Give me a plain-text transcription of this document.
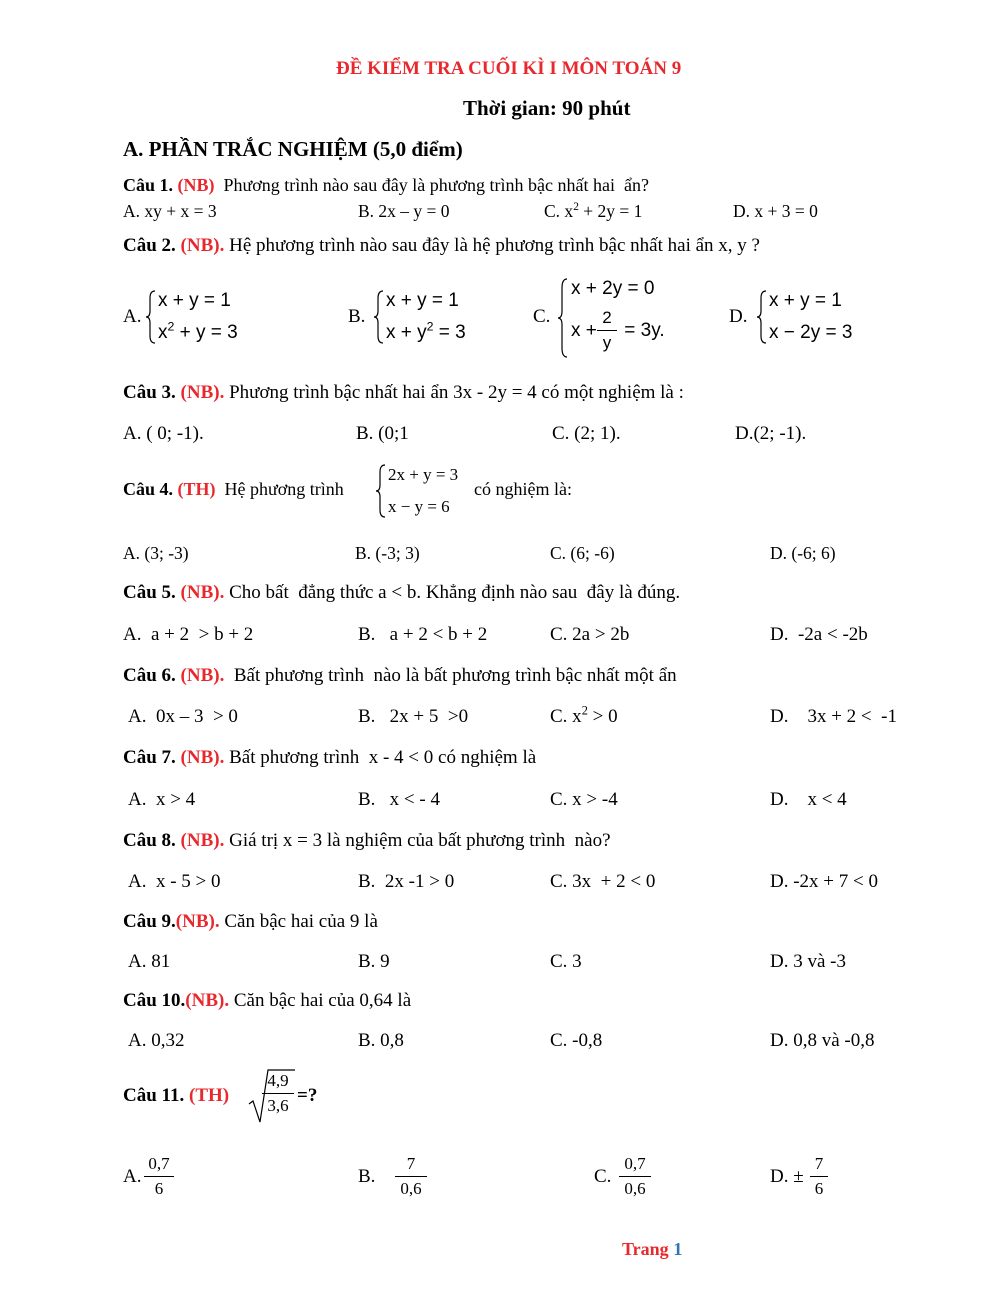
ĐỀ KIỂM TRA CUỐI KÌ I MÔN TOÁN 9
Thời gian: 90 phút
A. PHẦN TRẮC NGHIỆM (5,0 điểm)
Câu 1. (NB)  Phương trình nào sau đây là phương trình bậc nhất hai  ẩn?
A. xy + x = 3	B. 2x – y = 0	C. $x^2 + 2y = 1$	D. x + 3 = 0
Câu 2. (NB). Hệ phương trình nào sau đây là hệ phương trình bậc nhất hai ẩn x, y ?
A.
x + y = 1
$x^2 + y = 3$
B.
x + y = 1
$x + y^2 = 3$
C.
x + 2y = 0
x +
2
y
= 3y.
D.
x + y = 1
x − 2y = 3
Câu 3. (NB). Phương trình bậc nhất hai ẩn 3x - 2y = 4 có một nghiệm là :
A. ( 0; -1).	B. (0;1	C. (2; 1).	D.(2; -1).
Câu 4. (TH)  Hệ phương trình
2x + y = 3
x − y = 6
có nghiệm là:
A. (3; -3)	B. (-3; 3)	C. (6; -6)	D. (-6; 6)
Câu 5. (NB). Cho bất  đẳng thức a < b. Khẳng định nào sau  đây là đúng.
A.  a + 2  > b + 2	B.   a + 2 < b + 2	C. 2a > 2b	D.  -2a < -2b
Câu 6. (NB).  Bất phương trình  nào là bất phương trình bậc nhất một ẩn
A.  0x – 3  > 0	B.   2x + 5  >0	C. $x^2 > 0$	D.    3x + 2 <  -1
Câu 7. (NB). Bất phương trình  x - 4 < 0 có nghiệm là
A.  x > 4	B.   x < - 4	C. x > -4	D.    x < 4
Câu 8. (NB). Giá trị x = 3 là nghiệm của bất phương trình  nào?
A.  x - 5 > 0	B.  2x -1 > 0	C. 3x  + 2 < 0	D. -2x + 7 < 0
Câu 9.(NB). Căn bậc hai của 9 là
A. 81	B. 9	C. 3	D. 3 và -3
Câu 10.(NB). Căn bậc hai của 0,64 là
A. 0,32	B. 0,8	C. -0,8	D. 0,8 và -0,8
Câu 11. (TH)
4,9
3,6 =?
A.
0,7
6
B.
7
0,6
C.
0,7
0,6
D. ±
7
6
Trang 1
